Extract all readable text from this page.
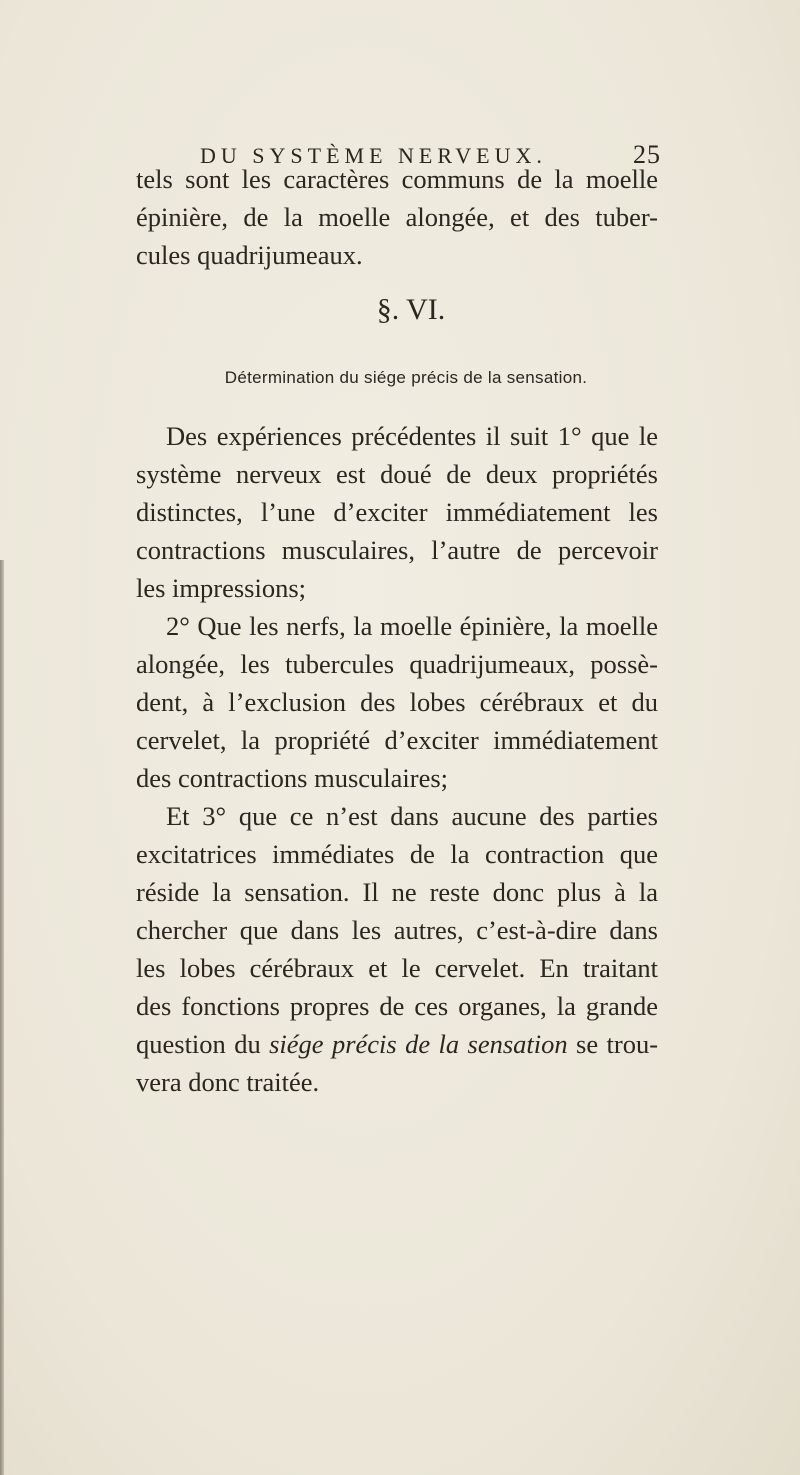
DU SYSTÈME NERVEUX.	25
tels sont les caractères communs de la moelle
épinière, de la moelle alongée, et des tuber-
cules quadrijumeaux.
§. VI.
Détermination du siége précis de la sensation.
Des expériences précédentes il suit 1° que le
système nerveux est doué de deux propriétés
distinctes, l’une d’exciter immédiatement les
contractions musculaires, l’autre de percevoir
les impressions;
2° Que les nerfs, la moelle épinière, la moelle
alongée, les tubercules quadrijumeaux, possè-
dent, à l’exclusion des lobes cérébraux et du
cervelet, la propriété d’exciter immédiatement
des contractions musculaires;
Et 3° que ce n’est dans aucune des parties
excitatrices immédiates de la contraction que
réside la sensation. Il ne reste donc plus à la
chercher que dans les autres, c’est-à-dire dans
les lobes cérébraux et le cervelet. En traitant
des fonctions propres de ces organes, la grande
question du siége précis de la sensation se trou-
vera donc traitée.
